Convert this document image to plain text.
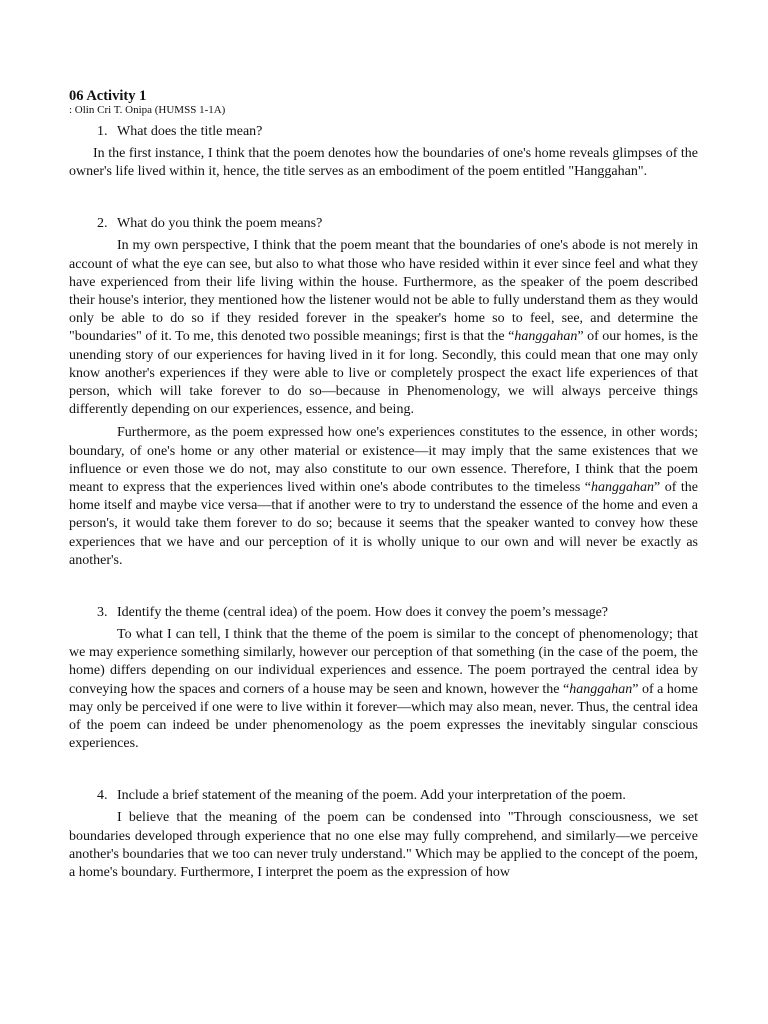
06 Activity 1
: Olin Cri T. Onipa (HUMSS 1-1A)
1. What does the title mean?

In the first instance, I think that the poem denotes how the boundaries of one's home reveals glimpses of the owner's life lived within it, hence, the title serves as an embodiment of the poem entitled "Hanggahan".

2. What do you think the poem means?

In my own perspective, I think that the poem meant that the boundaries of one's abode is not merely in account of what the eye can see, but also to what those who have resided within it ever since feel and what they have experienced from their life living within the house. Furthermore, as the speaker of the poem described their house's interior, they mentioned how the listener would not be able to fully understand them as they would only be able to do so if they resided forever in the speaker's home so to feel, see, and determine the "boundaries" of it. To me, this denoted two possible meanings; first is that the “hanggahan” of our homes, is the unending story of our experiences for having lived in it for long. Secondly, this could mean that one may only know another's experiences if they were able to live or completely prospect the exact life experiences of that person, which will take forever to do so—because in Phenomenology, we will always perceive things differently depending on our experiences, essence, and being.

Furthermore, as the poem expressed how one's experiences constitutes to the essence, in other words; boundary, of one's home or any other material or existence—it may imply that the same existences that we influence or even those we do not, may also constitute to our own essence. Therefore, I think that the poem meant to express that the experiences lived within one's abode contributes to the timeless “hanggahan” of the home itself and maybe vice versa—that if another were to try to understand the essence of the home and even a person's, it would take them forever to do so; because it seems that the speaker wanted to convey how these experiences that we have and our perception of it is wholly unique to our own and will never be exactly as another's.

3. Identify the theme (central idea) of the poem. How does it convey the poem’s message?

To what I can tell, I think that the theme of the poem is similar to the concept of phenomenology; that we may experience something similarly, however our perception of that something (in the case of the poem, the home) differs depending on our individual experiences and essence. The poem portrayed the central idea by conveying how the spaces and corners of a house may be seen and known, however the “hanggahan” of a home may only be perceived if one were to live within it forever—which may also mean, never. Thus, the central idea of the poem can indeed be under phenomenology as the poem expresses the inevitably singular conscious experiences.

4. Include a brief statement of the meaning of the poem. Add your interpretation of the poem.

I believe that the meaning of the poem can be condensed into "Through consciousness, we set boundaries developed through experience that no one else may fully comprehend, and similarly—we perceive another's boundaries that we too can never truly understand." Which may be applied to the concept of the poem, a home's boundary. Furthermore, I interpret the poem as the expression of how
